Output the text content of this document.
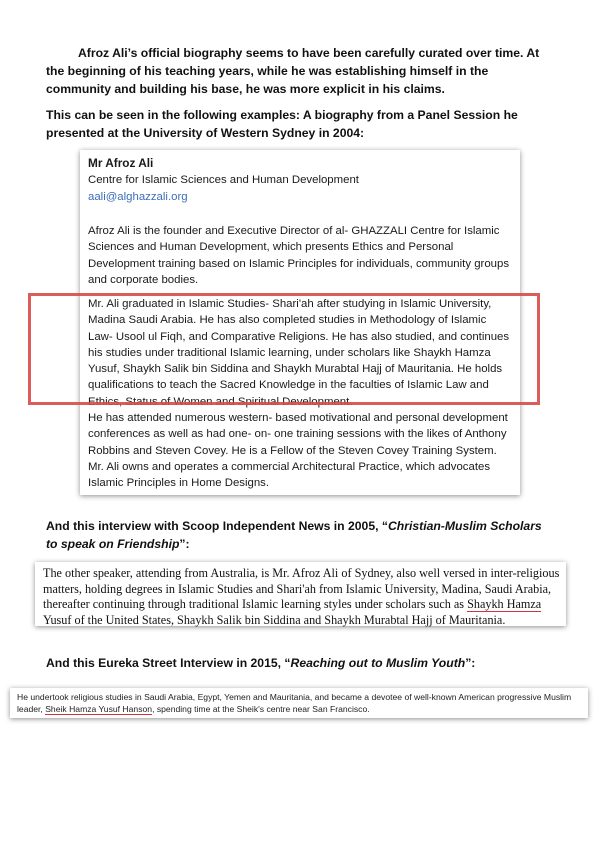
Afroz Ali’s official biography seems to have been carefully curated over time. At the beginning of his teaching years, while he was establishing himself in the community and building his base, he was more explicit in his claims.

This can be seen in the following examples: A biography from a Panel Session he presented at the University of Western Sydney in 2004:

Mr Afroz Ali

Centre for Islamic Sciences and Human Development

aali@alghazzali.org

Afroz Ali is the founder and Executive Director of al- GHAZZALI Centre for Islamic Sciences and Human Development, which presents Ethics and Personal Development training based on Islamic Principles for individuals, community groups and corporate bodies.

Mr. Ali graduated in Islamic Studies- Shari'ah after studying in Islamic University, Madina Saudi Arabia. He has also completed studies in Methodology of Islamic Law- Usool ul Fiqh, and Comparative Religions. He has also studied, and continues his studies under traditional Islamic learning, under scholars like Shaykh Hamza Yusuf, Shaykh Salik bin Siddina and Shaykh Murabtal Hajj of Mauritania. He holds qualifications to teach the Sacred Knowledge in the faculties of Islamic Law and Ethics, Status of Women and Spiritual Development.

He has attended numerous western- based motivational and personal development conferences as well as had one- on- one training sessions with the likes of Anthony Robbins and Steven Covey. He is a Fellow of the Steven Covey Training System. Mr. Ali owns and operates a commercial Architectural Practice, which advocates Islamic Principles in Home Designs.

And this interview with Scoop Independent News in 2005, “Christian-Muslim Scholars to speak on Friendship”:

The other speaker, attending from Australia, is Mr. Afroz Ali of Sydney, also well versed in inter-religious matters, holding degrees in Islamic Studies and Shari'ah from Islamic University, Madina, Saudi Arabia, thereafter continuing through traditional Islamic learning styles under scholars such as Shaykh Hamza Yusuf of the United States, Shaykh Salik bin Siddina and Shaykh Murabtal Hajj of Mauritania.

And this Eureka Street Interview in 2015, “Reaching out to Muslim Youth”:

He undertook religious studies in Saudi Arabia, Egypt, Yemen and Mauritania, and became a devotee of well-known American progressive Muslim leader, Sheik Hamza Yusuf Hanson, spending time at the Sheik's centre near San Francisco.
